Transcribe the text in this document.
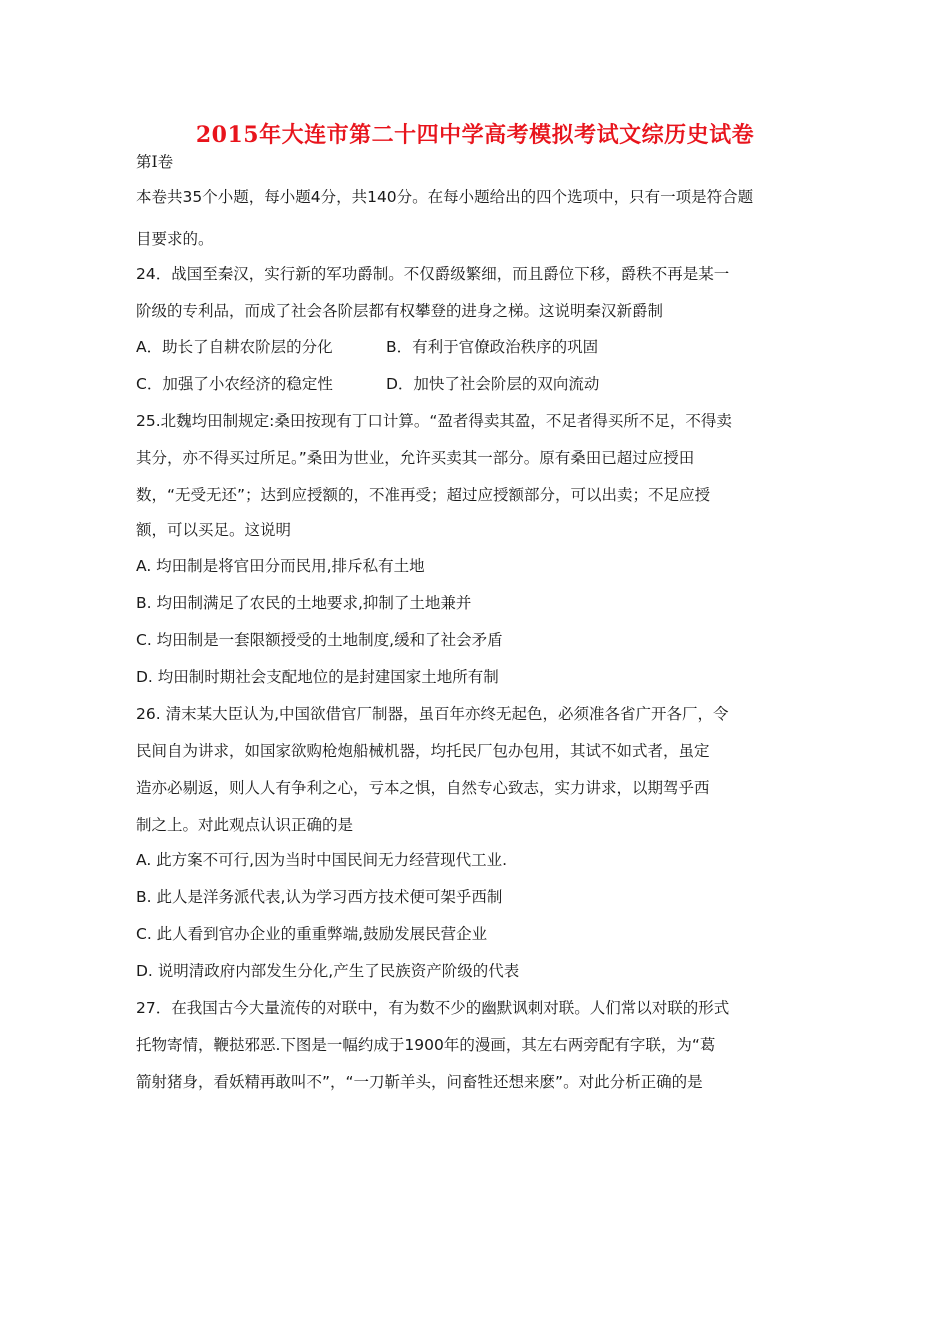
2015年大连市第二十四中学高考模拟考试文综历史试卷
第Ⅰ卷
本卷共35个小题，每小题4分，共140分。在每小题给出的四个选项中，只有一项是符合题
目要求的。
24．战国至秦汉，实行新的军功爵制。不仅爵级繁细，而且爵位下移，爵秩不再是某一
阶级的专利品，而成了社会各阶层都有权攀登的进身之梯。这说明秦汉新爵制
A．助长了自耕农阶层的分化	B．有利于官僚政治秩序的巩固
C．加强了小农经济的稳定性	D．加快了社会阶层的双向流动
25.北魏均田制规定:桑田按现有丁口计算。“盈者得卖其盈，不足者得买所不足，不得卖
其分，亦不得买过所足。”桑田为世业，允许买卖其一部分。原有桑田已超过应授田
数，“无受无还”；达到应授额的，不准再受；超过应授额部分，可以出卖；不足应授
额，可以买足。这说明
A. 均田制是将官田分而民用,排斥私有土地
B. 均田制满足了农民的土地要求,抑制了土地兼并
C. 均田制是一套限额授受的土地制度,缓和了社会矛盾
D. 均田制时期社会支配地位的是封建国家土地所有制
26. 清末某大臣认为,中国欲借官厂制器，虽百年亦终无起色，必须准各省广开各厂，令
民间自为讲求，如国家欲购枪炮船械机器，均托民厂包办包用，其试不如式者，虽定
造亦必剔返，则人人有争利之心，亏本之惧，自然专心致志，实力讲求，以期驾乎西
制之上。对此观点认识正确的是
A. 此方案不可行,因为当时中国民间无力经营现代工业.
B. 此人是洋务派代表,认为学习西方技术便可架乎西制
C. 此人看到官办企业的重重弊端,鼓励发展民营企业
D. 说明清政府内部发生分化,产生了民族资产阶级的代表
27．在我国古今大量流传的对联中，有为数不少的幽默讽刺对联。人们常以对联的形式
托物寄情，鞭挞邪恶.下图是一幅约成于1900年的漫画，其左右两旁配有字联，为“葛
箭射猪身，看妖精再敢叫不”，“一刀靳羊头，问畜牲还想来麽”。对此分析正确的是
